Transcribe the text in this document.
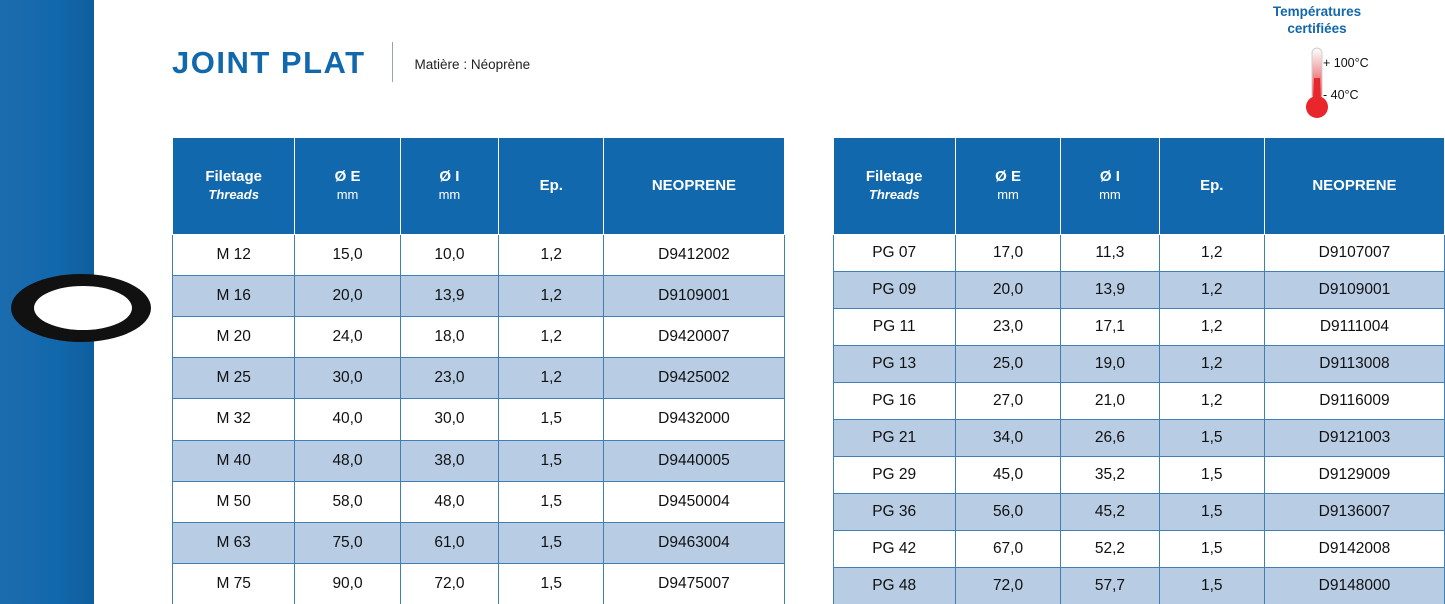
JOINT PLAT	Matière : Néoprène
Températures
certifiées
+ 100°C
- 40°C
Filetage
Threads	Ø E
mm	Ø I
mm	Ep.	NEOPRENE

M 12	15,0	10,0	1,2	D9412002
M 16	20,0	13,9	1,2	D9109001
M 20	24,0	18,0	1,2	D9420007
M 25	30,0	23,0	1,2	D9425002
M 32	40,0	30,0	1,5	D9432000
M 40	48,0	38,0	1,5	D9440005
M 50	58,0	48,0	1,5	D9450004
M 63	75,0	61,0	1,5	D9463004
M 75	90,0	72,0	1,5	D9475007
Filetage
Threads	Ø E
mm	Ø I
mm	Ep.	NEOPRENE

PG 07	17,0	11,3	1,2	D9107007
PG 09	20,0	13,9	1,2	D9109001
PG 11	23,0	17,1	1,2	D9111004
PG 13	25,0	19,0	1,2	D9113008
PG 16	27,0	21,0	1,2	D9116009
PG 21	34,0	26,6	1,5	D9121003
PG 29	45,0	35,2	1,5	D9129009
PG 36	56,0	45,2	1,5	D9136007
PG 42	67,0	52,2	1,5	D9142008
PG 48	72,0	57,7	1,5	D9148000
